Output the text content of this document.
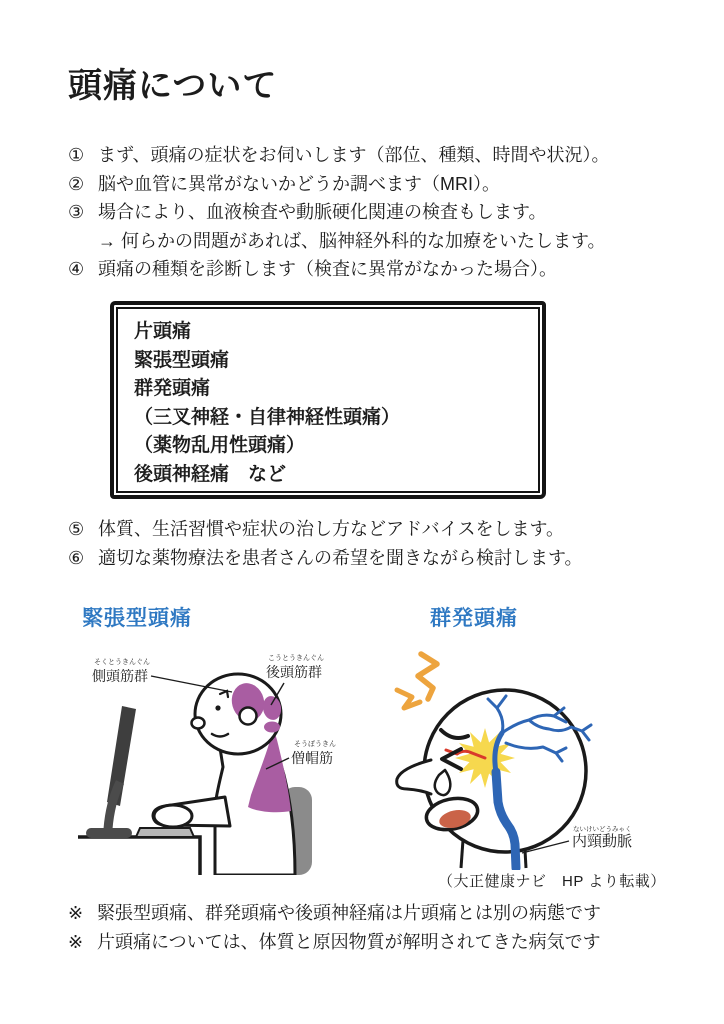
頭痛について
① まず、頭痛の症状をお伺いします（部位、種類、時間や状況）。
② 脳や血管に異常がないかどうか調べます（MRI）。
③ 場合により、血液検査や動脈硬化関連の検査もします。
→ 何らかの問題があれば、脳神経外科的な加療をいたします。
④ 頭痛の種類を診断します（検査に異常がなかった場合）。
片頭痛
緊張型頭痛
群発頭痛
（三叉神経・自律神経性頭痛）
（薬物乱用性頭痛）
後頭神経痛　など
⑤ 体質、生活習慣や症状の治し方などアドバイスをします。
⑥ 適切な薬物療法を患者さんの希望を聞きながら検討します。
緊張型頭痛	群発頭痛
そくとうきんぐん
側頭筋群
こうとうきんぐん
後頭筋群
そうぼうきん
僧帽筋
ないけいどうみゃく
内頸動脈
（大正健康ナビ　HP より転載）
※ 緊張型頭痛、群発頭痛や後頭神経痛は片頭痛とは別の病態です
※ 片頭痛については、体質と原因物質が解明されてきた病気です
